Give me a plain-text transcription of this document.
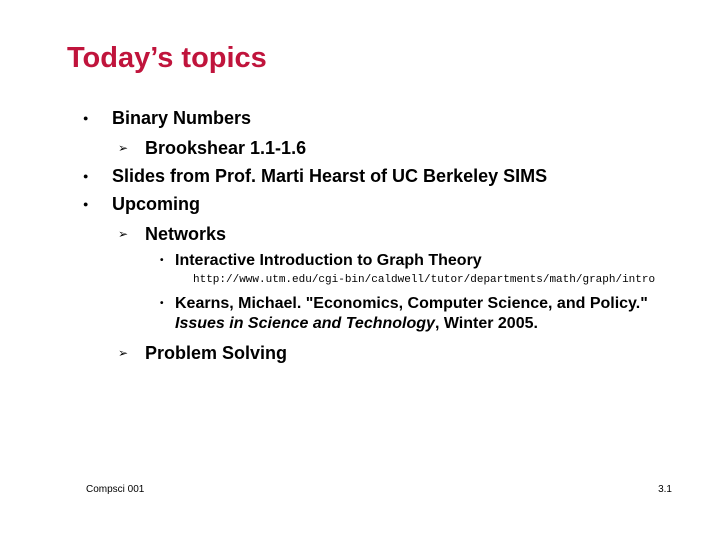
Today’s topics
● Binary Numbers
➢ Brookshear 1.1-1.6
● Slides from Prof. Marti Hearst of UC Berkeley SIMS
● Upcoming
➢ Networks
• Interactive Introduction to Graph Theory
http://www.utm.edu/cgi-bin/caldwell/tutor/departments/math/graph/intro
• Kearns, Michael. "Economics, Computer Science, and Policy."
Issues in Science and Technology, Winter 2005.
➢ Problem Solving
Compsci 001	3.1
